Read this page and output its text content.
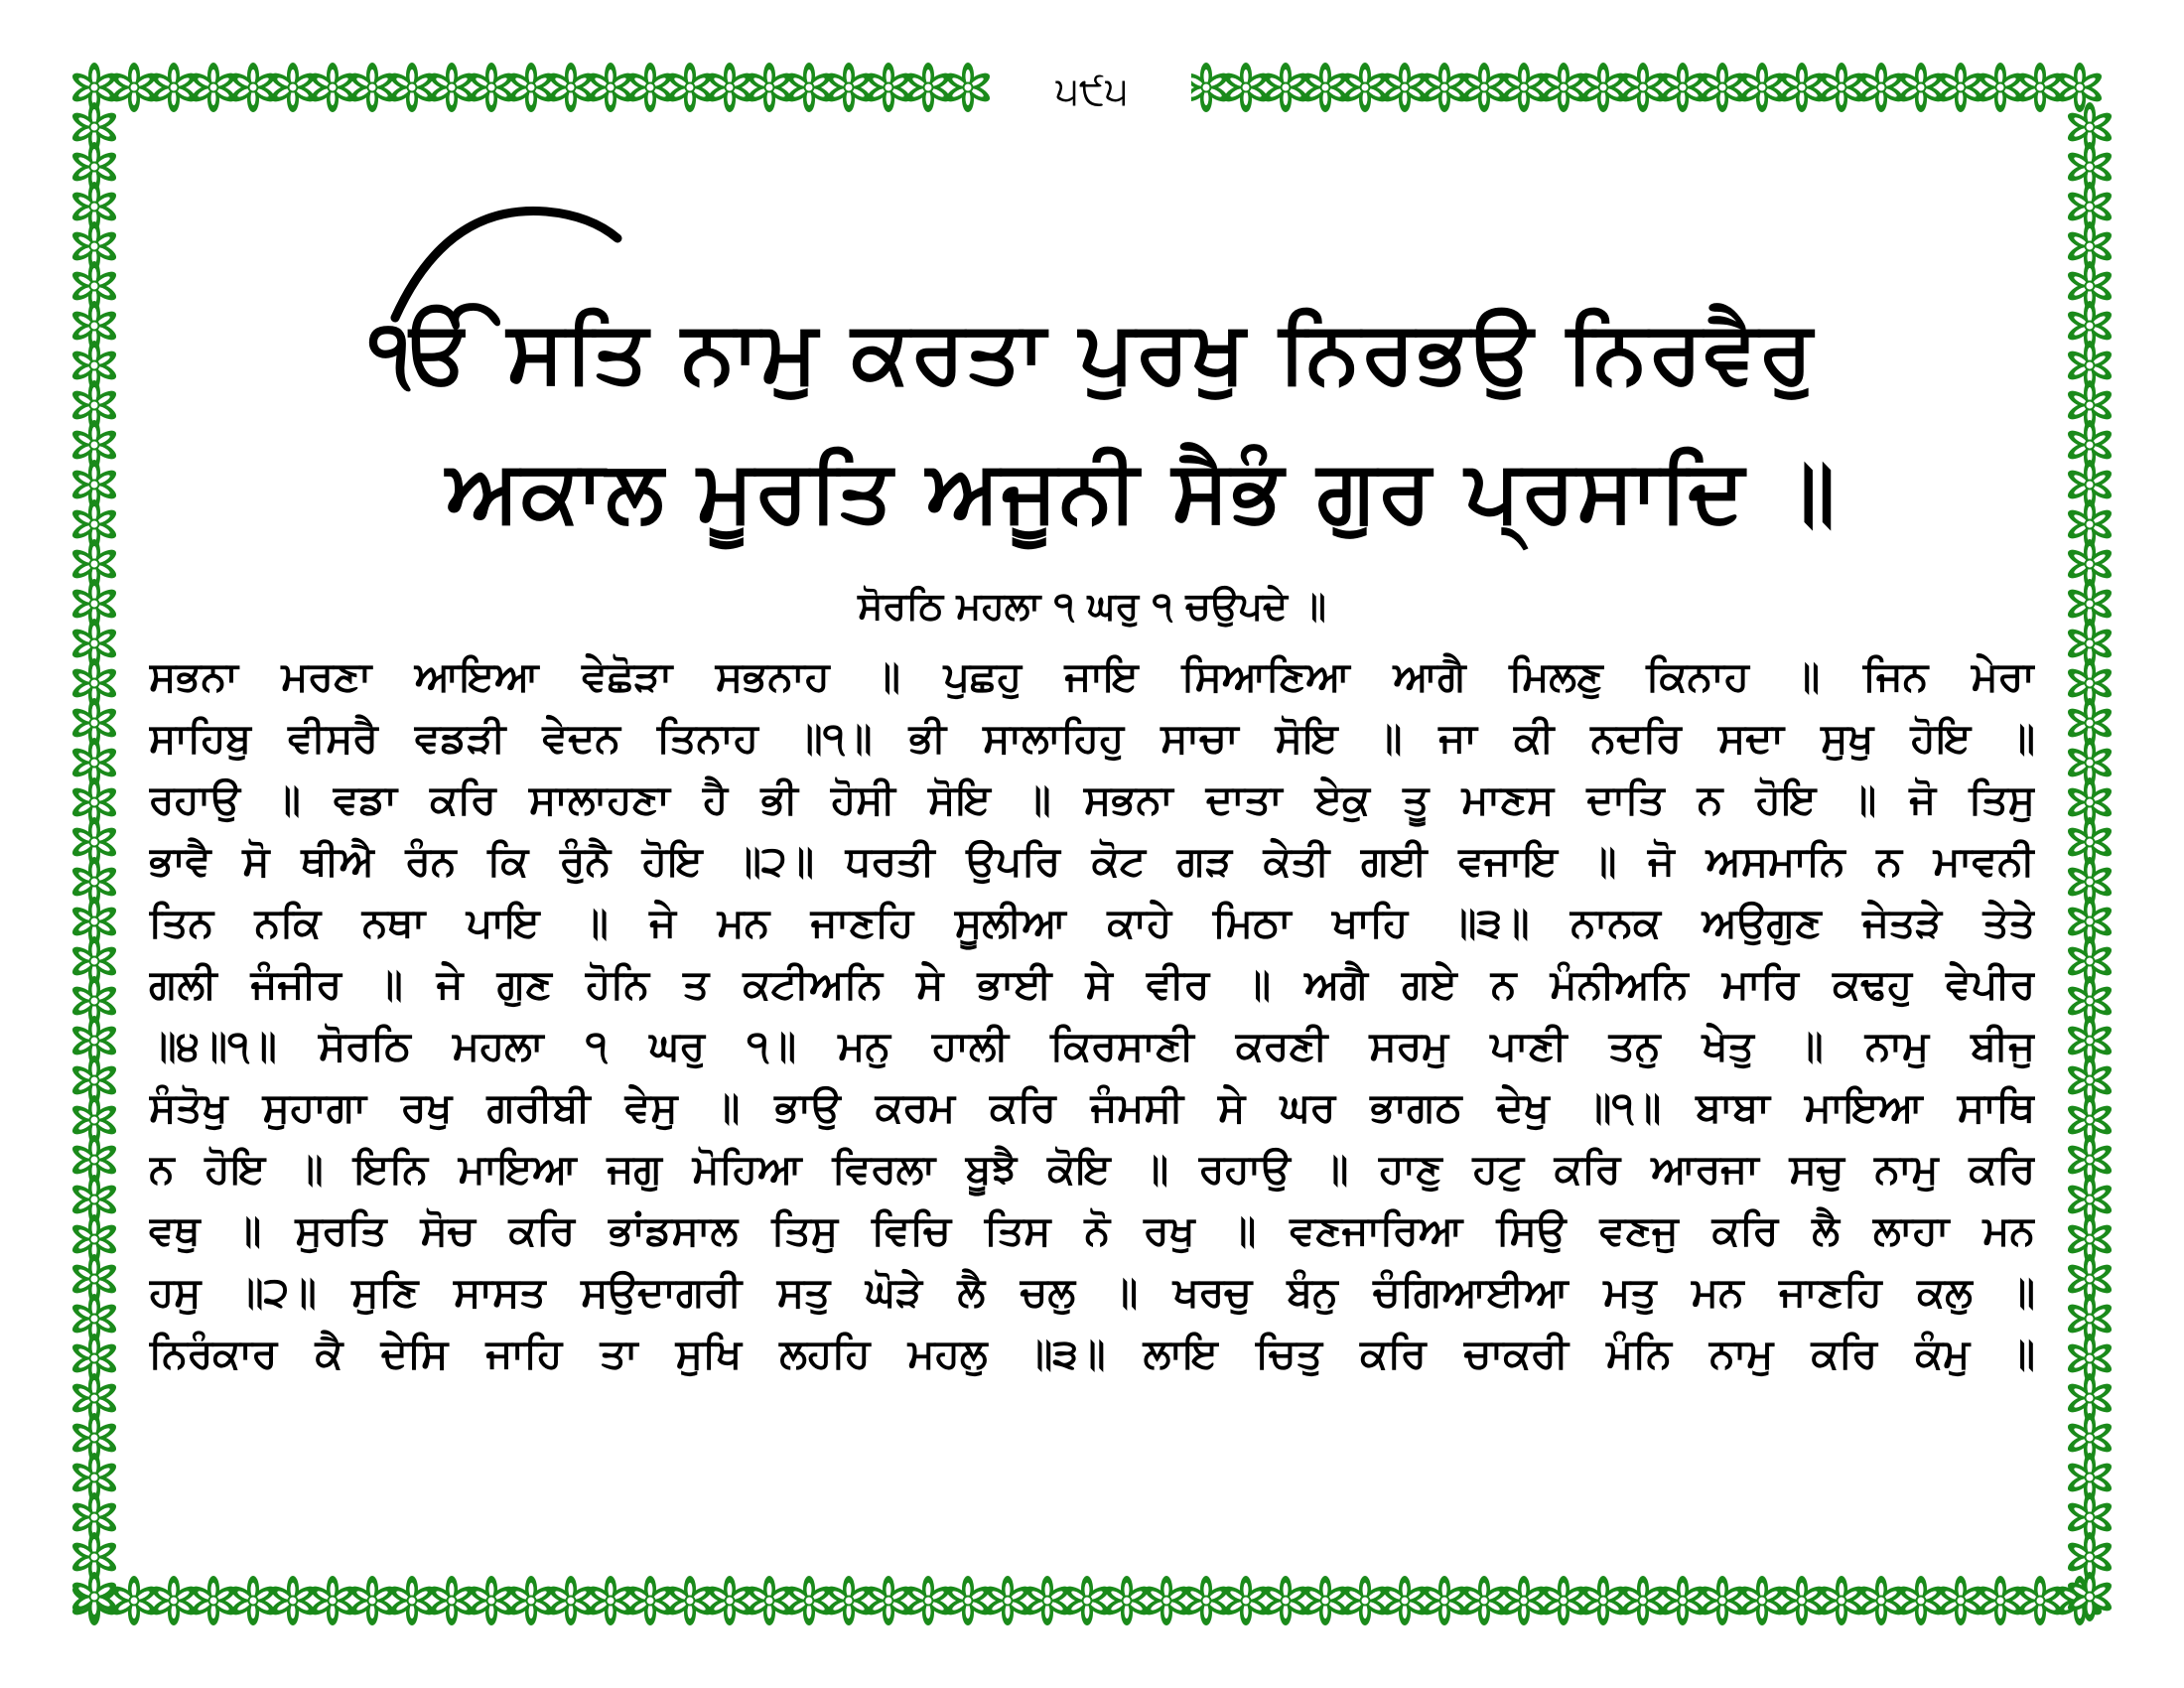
੫੯੫
ੴ ਸਤਿ ਨਾਮੁ ਕਰਤਾ ਪੁਰਖੁ ਨਿਰਭਉ ਨਿਰਵੈਰੁ
ਅਕਾਲ ਮੂਰਤਿ ਅਜੂਨੀ ਸੈਭੰ ਗੁਰ ਪ੍ਰਸਾਦਿ ॥
ਸੋਰਠਿ ਮਹਲਾ ੧ ਘਰੁ ੧ ਚਉਪਦੇ ॥
ਸਭਨਾ ਮਰਣਾ ਆਇਆ ਵੇਛੋੜਾ ਸਭਨਾਹ ॥ ਪੁਛਹੁ ਜਾਇ ਸਿਆਣਿਆ ਆਗੈ ਮਿਲਣੁ ਕਿਨਾਹ ॥ ਜਿਨ ਮੇਰਾ
ਸਾਹਿਬੁ ਵੀਸਰੈ ਵਡੜੀ ਵੇਦਨ ਤਿਨਾਹ ॥੧॥ ਭੀ ਸਾਲਾਹਿਹੁ ਸਾਚਾ ਸੋਇ ॥ ਜਾ ਕੀ ਨਦਰਿ ਸਦਾ ਸੁਖੁ ਹੋਇ ॥
ਰਹਾਉ ॥ ਵਡਾ ਕਰਿ ਸਾਲਾਹਣਾ ਹੈ ਭੀ ਹੋਸੀ ਸੋਇ ॥ ਸਭਨਾ ਦਾਤਾ ਏਕੁ ਤੂ ਮਾਣਸ ਦਾਤਿ ਨ ਹੋਇ ॥ ਜੋ ਤਿਸੁ
ਭਾਵੈ ਸੋ ਥੀਐ ਰੰਨ ਕਿ ਰੁੰਨੈ ਹੋਇ ॥੨॥ ਧਰਤੀ ਉਪਰਿ ਕੋਟ ਗੜ ਕੇਤੀ ਗਈ ਵਜਾਇ ॥ ਜੋ ਅਸਮਾਨਿ ਨ ਮਾਵਨੀ
ਤਿਨ ਨਕਿ ਨਥਾ ਪਾਇ ॥ ਜੇ ਮਨ ਜਾਣਹਿ ਸੂਲੀਆ ਕਾਹੇ ਮਿਠਾ ਖਾਹਿ ॥੩॥ ਨਾਨਕ ਅਉਗੁਣ ਜੇਤੜੇ ਤੇਤੇ
ਗਲੀ ਜੰਜੀਰ ॥ ਜੇ ਗੁਣ ਹੋਨਿ ਤ ਕਟੀਅਨਿ ਸੇ ਭਾਈ ਸੇ ਵੀਰ ॥ ਅਗੈ ਗਏ ਨ ਮੰਨੀਅਨਿ ਮਾਰਿ ਕਢਹੁ ਵੇਪੀਰ
॥੪॥੧॥ ਸੋਰਠਿ ਮਹਲਾ ੧ ਘਰੁ ੧॥ ਮਨੁ ਹਾਲੀ ਕਿਰਸਾਣੀ ਕਰਣੀ ਸਰਮੁ ਪਾਣੀ ਤਨੁ ਖੇਤੁ ॥ ਨਾਮੁ ਬੀਜੁ
ਸੰਤੋਖੁ ਸੁਹਾਗਾ ਰਖੁ ਗਰੀਬੀ ਵੇਸੁ ॥ ਭਾਉ ਕਰਮ ਕਰਿ ਜੰਮਸੀ ਸੇ ਘਰ ਭਾਗਠ ਦੇਖੁ ॥੧॥ ਬਾਬਾ ਮਾਇਆ ਸਾਥਿ
ਨ ਹੋਇ ॥ ਇਨਿ ਮਾਇਆ ਜਗੁ ਮੋਹਿਆ ਵਿਰਲਾ ਬੂਝੈ ਕੋਇ ॥ ਰਹਾਉ ॥ ਹਾਣੁ ਹਟੁ ਕਰਿ ਆਰਜਾ ਸਚੁ ਨਾਮੁ ਕਰਿ
ਵਥੁ ॥ ਸੁਰਤਿ ਸੋਚ ਕਰਿ ਭਾਂਡਸਾਲ ਤਿਸੁ ਵਿਚਿ ਤਿਸ ਨੋ ਰਖੁ ॥ ਵਣਜਾਰਿਆ ਸਿਉ ਵਣਜੁ ਕਰਿ ਲੈ ਲਾਹਾ ਮਨ
ਹਸੁ ॥੨॥ ਸੁਣਿ ਸਾਸਤ ਸਉਦਾਗਰੀ ਸਤੁ ਘੋੜੇ ਲੈ ਚਲੁ ॥ ਖਰਚੁ ਬੰਨੁ ਚੰਗਿਆਈਆ ਮਤੁ ਮਨ ਜਾਣਹਿ ਕਲੁ ॥
ਨਿਰੰਕਾਰ ਕੈ ਦੇਸਿ ਜਾਹਿ ਤਾ ਸੁਖਿ ਲਹਹਿ ਮਹਲੁ ॥੩॥ ਲਾਇ ਚਿਤੁ ਕਰਿ ਚਾਕਰੀ ਮੰਨਿ ਨਾਮੁ ਕਰਿ ਕੰਮੁ ॥
